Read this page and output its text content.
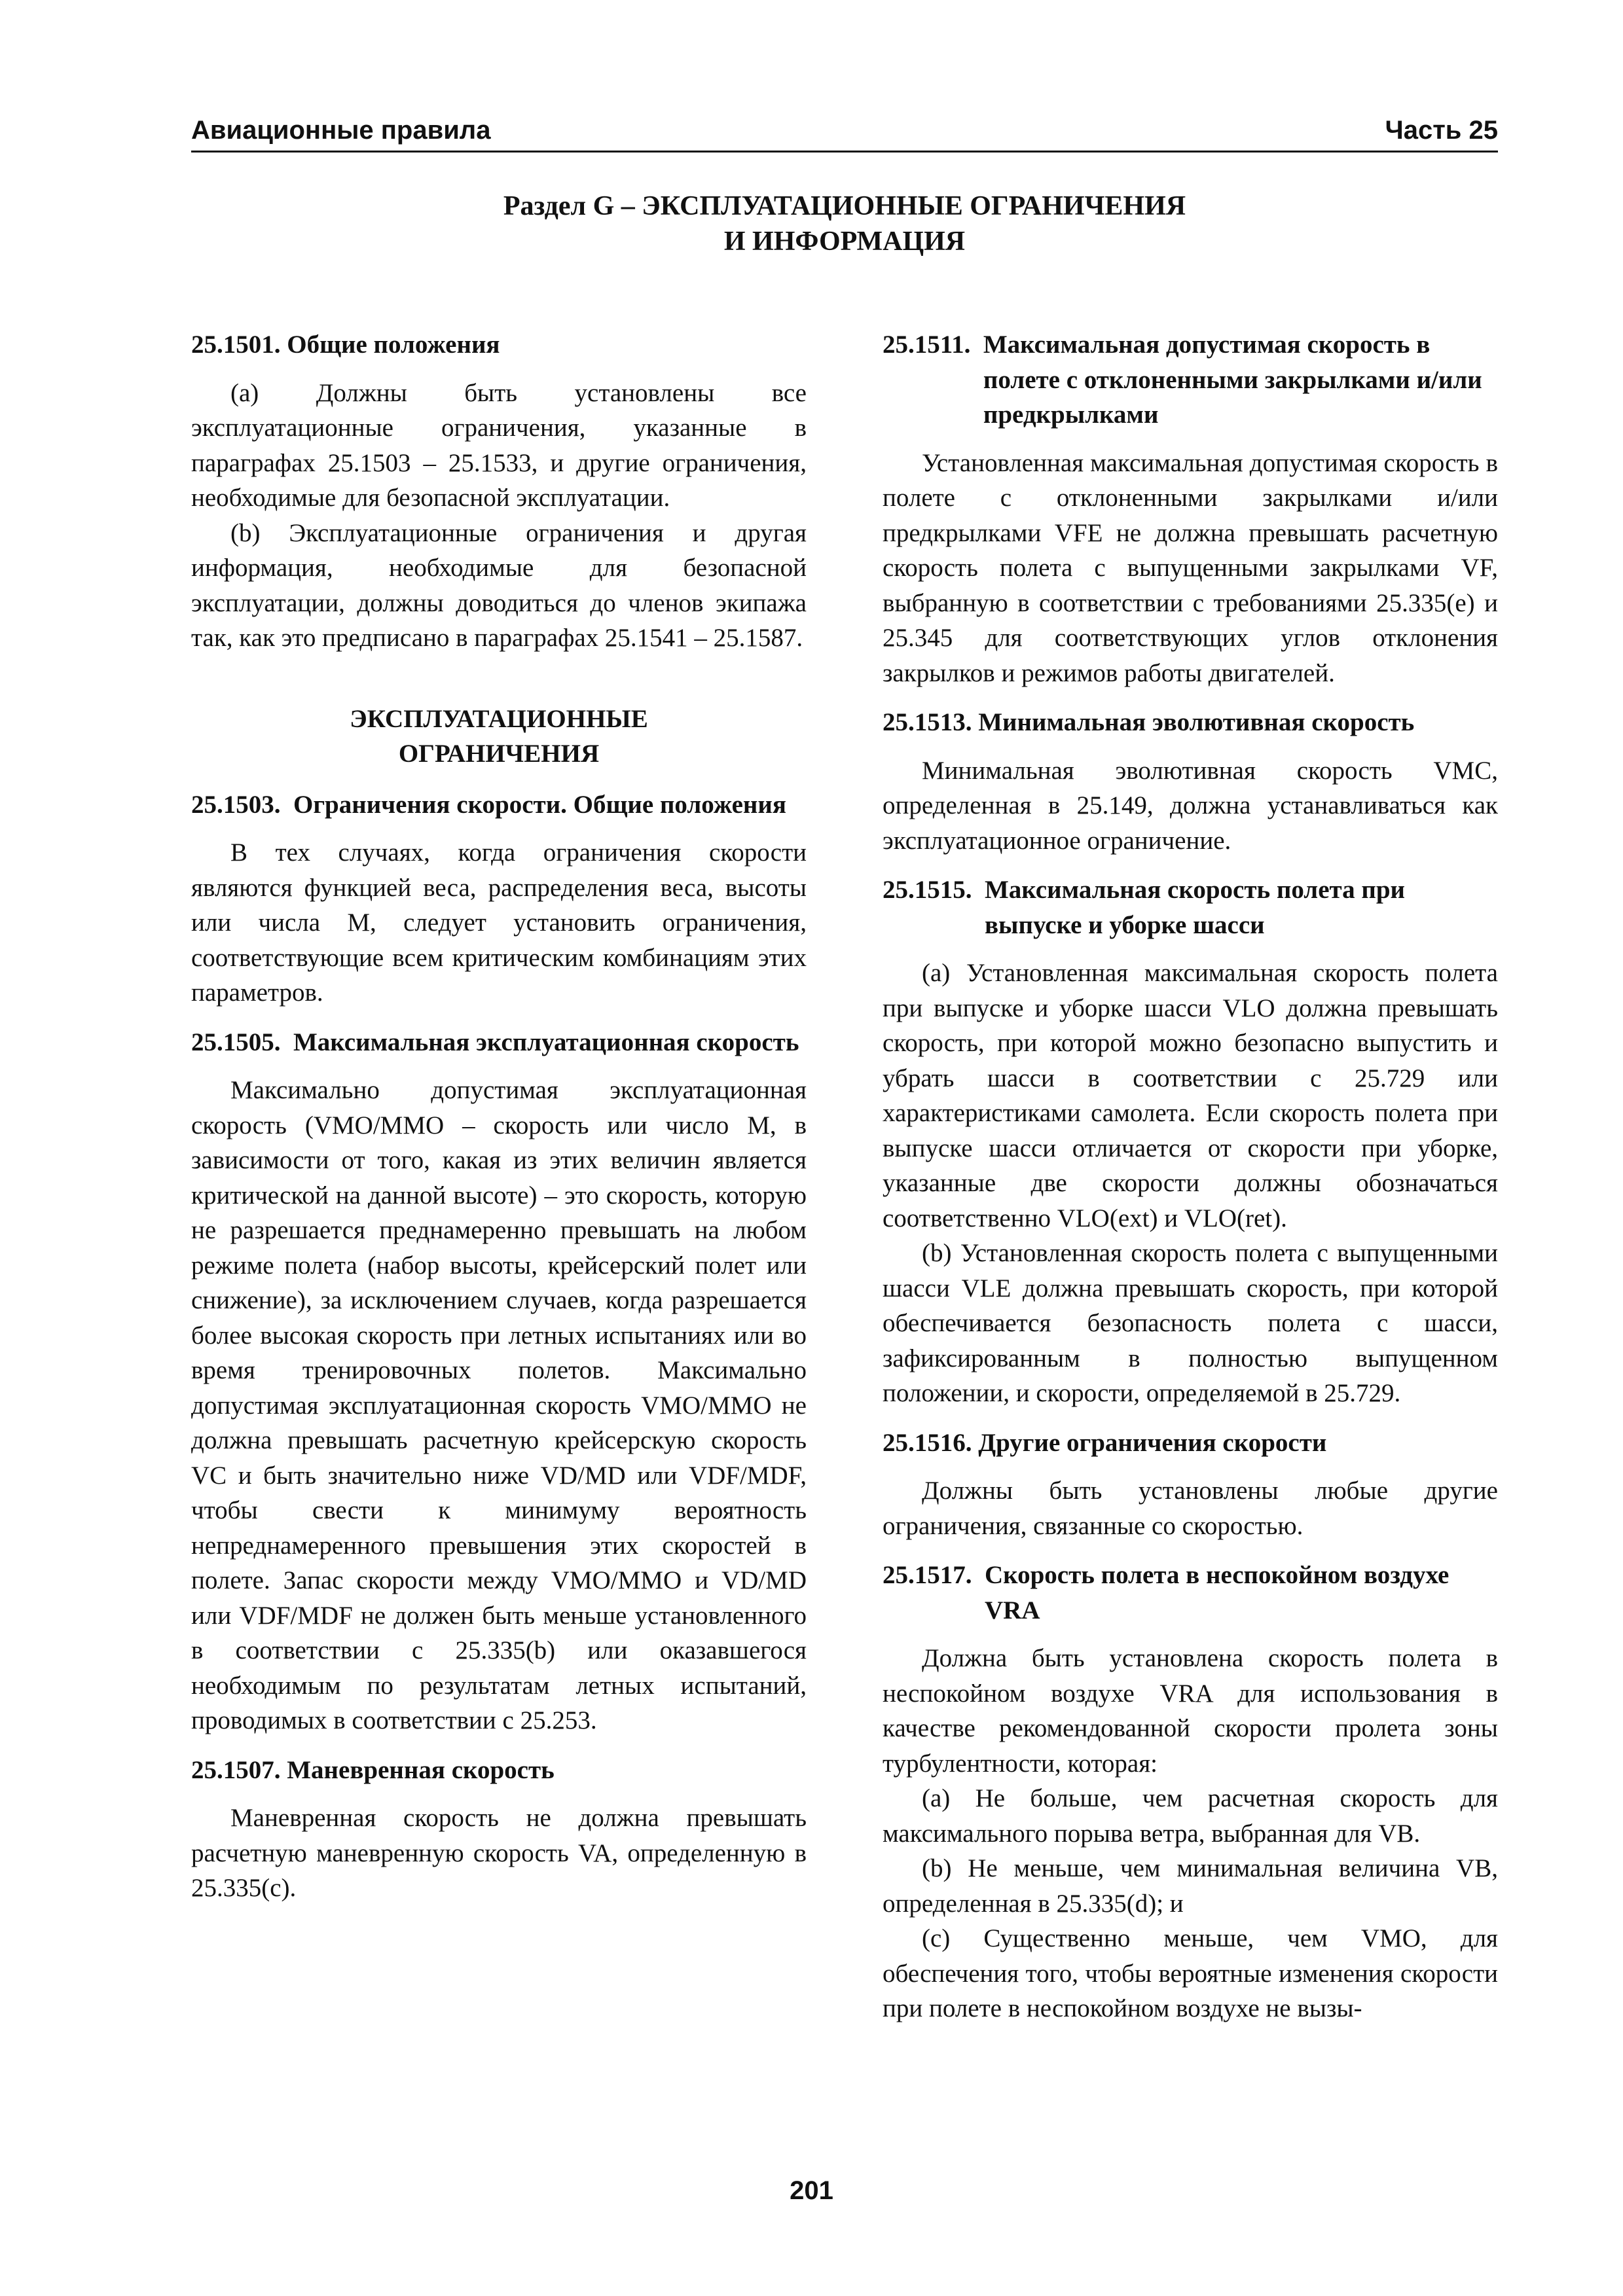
Авиационные правила	Часть 25
Раздел G – ЭКСПЛУАТАЦИОННЫЕ ОГРАНИЧЕНИЯ
И ИНФОРМАЦИЯ
25.1501. Общие положения

(a) Должны быть установлены все эксплуатационные ограничения, указанные в параграфах 25.1503 – 25.1533, и другие ограничения, необходимые для безопасной эксплуатации.

(b) Эксплуатационные ограничения и другая информация, необходимые для безопасной эксплуатации, должны доводиться до членов экипажа так, как это предписано в параграфах 25.1541 – 25.1587.

ЭКСПЛУАТАЦИОННЫЕ
ОГРАНИЧЕНИЯ
25.1503. Ограничения скорости. Общие положения

В тех случаях, когда ограничения скорости являются функцией веса, распределения веса, высоты или числа М, следует установить ограничения, соответствующие всем критическим комбинациям этих параметров.

25.1505. Максимальная эксплуатационная скорость

Максимально допустимая эксплуатационная скорость (VMO/MMO – скорость или число М, в зависимости от того, какая из этих величин является критической на данной высоте) – это скорость, которую не разрешается преднамеренно превышать на любом режиме полета (набор высоты, крейсерский полет или снижение), за исключением случаев, когда разрешается более высокая скорость при летных испытаниях или во время тренировочных полетов. Максимально допустимая эксплуатационная скорость VMO/MMO не должна превышать расчетную крейсерскую скорость VC и быть значительно ниже VD/MD или VDF/MDF, чтобы свести к минимуму вероятность непреднамеренного превышения этих скоростей в полете. Запас скорости между VMO/MMO и VD/MD или VDF/MDF не должен быть меньше установленного в соответствии с 25.335(b) или оказавшегося необходимым по результатам летных испытаний, проводимых в соответствии с 25.253.

25.1507. Маневренная скорость

Маневренная скорость не должна превышать расчетную маневренную скорость VA, определенную в 25.335(c).

25.1511. Максимальная допустимая скорость в полете с отклоненными закрылками и/или предкрылками

Установленная максимальная допустимая скорость в полете с отклоненными закрылками и/или предкрылками VFE не должна превышать расчетную скорость полета с выпущенными закрылками VF, выбранную в соответствии с требованиями 25.335(e) и 25.345 для соответствующих углов отклонения закрылков и режимов работы двигателей.

25.1513. Минимальная эволютивная скорость

Минимальная эволютивная скорость VMC, определенная в 25.149, должна устанавливаться как эксплуатационное ограничение.

25.1515. Максимальная скорость полета при выпуске и уборке шасси

(a) Установленная максимальная скорость полета при выпуске и уборке шасси VLO должна превышать скорость, при которой можно безопасно выпустить и убрать шасси в соответствии с 25.729 или характеристиками самолета. Если скорость полета при выпуске шасси отличается от скорости при уборке, указанные две скорости должны обозначаться соответственно VLO(ext) и VLO(ret).

(b) Установленная скорость полета с выпущенными шасси VLE должна превышать скорость, при которой обеспечивается безопасность полета с шасси, зафиксированным в полностью выпущенном положении, и скорости, определяемой в 25.729.

25.1516. Другие ограничения скорости

Должны быть установлены любые другие ограничения, связанные со скоростью.

25.1517. Скорость полета в неспокойном воздухе VRA

Должна быть установлена скорость полета в неспокойном воздухе VRA для использования в качестве рекомендованной скорости пролета зоны турбулентности, которая:

(a) Не больше, чем расчетная скорость для максимального порыва ветра, выбранная для VB.

(b) Не меньше, чем минимальная величина VB, определенная в 25.335(d); и

(c) Существенно меньше, чем VMO, для обеспечения того, чтобы вероятные изменения скорости при полете в неспокойном воздухе не вызы-

201
